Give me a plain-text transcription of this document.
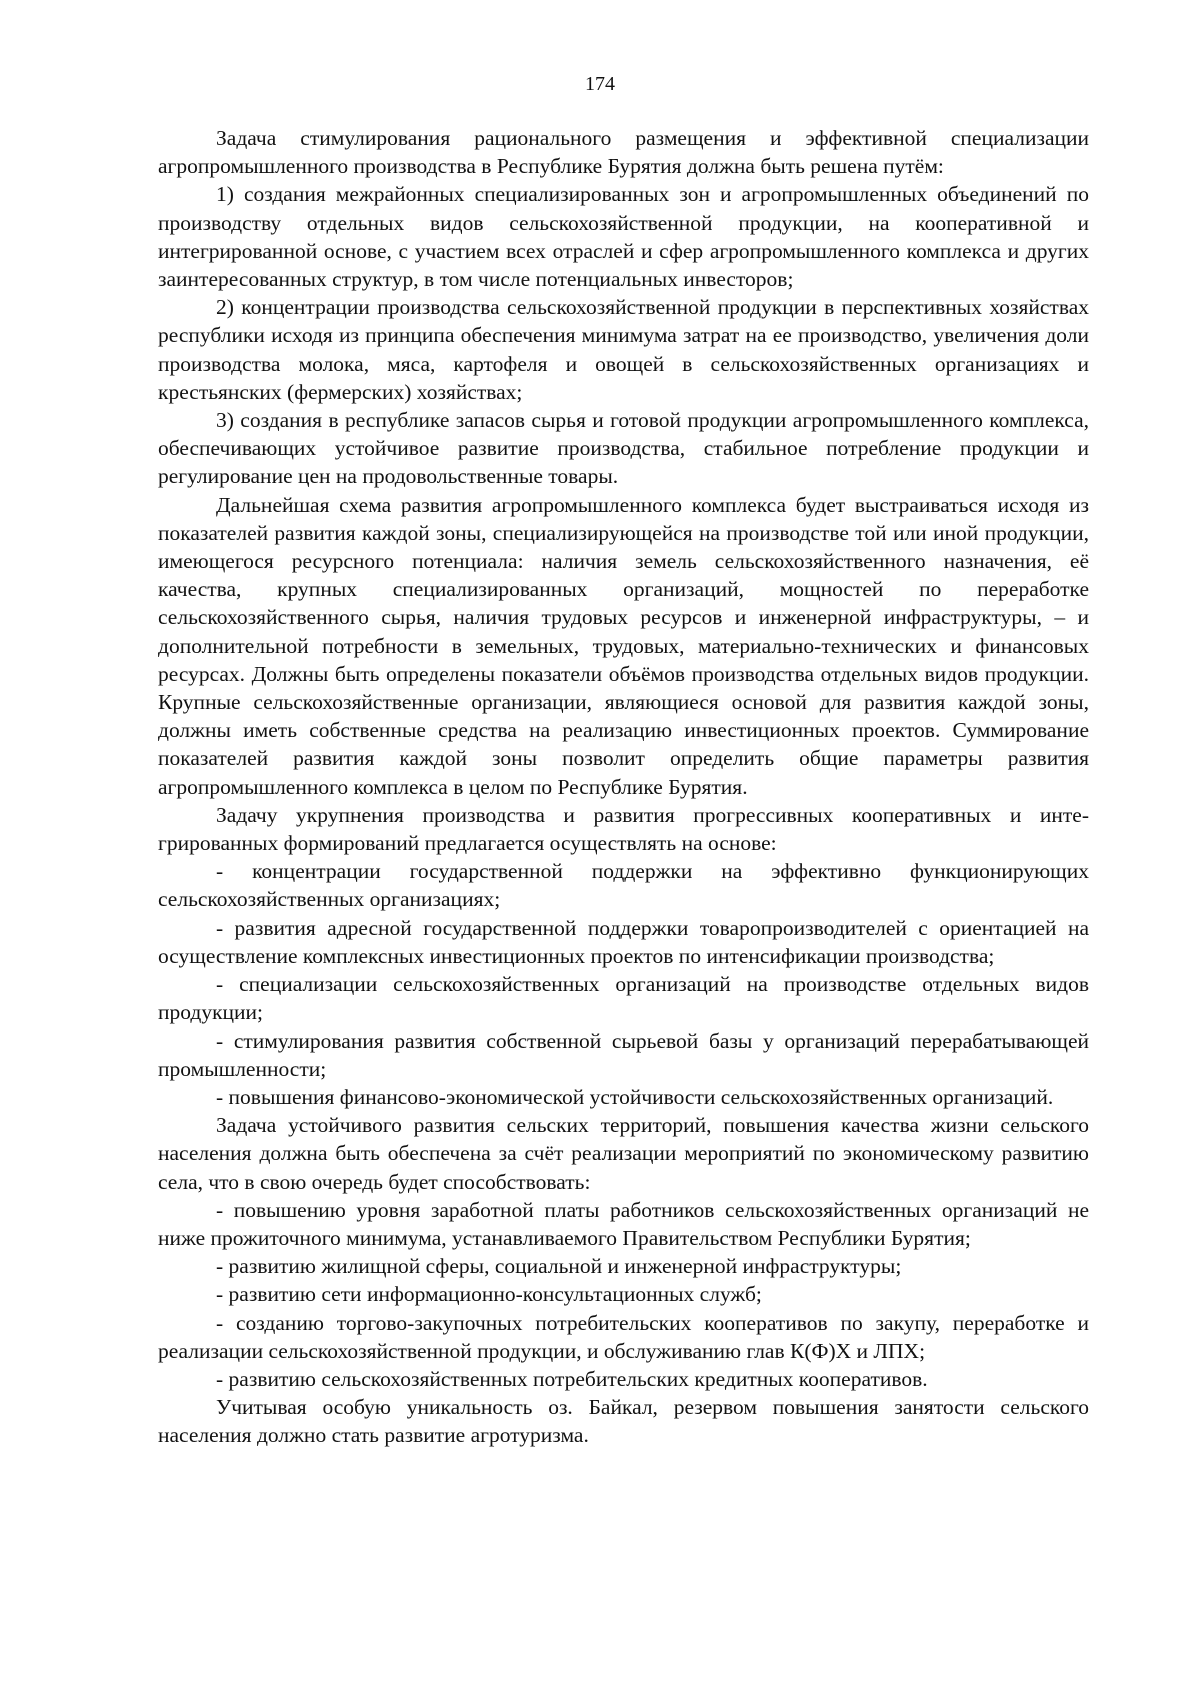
174

Задача стимулирования рационального размещения и эффективной специализации агропромышленного производства в Республике Бурятия должна быть решена путём:

1) создания межрайонных специализированных зон и агропромышленных объединений по производству отдельных видов сельскохозяйственной продукции, на кооперативной и интегрированной основе, с участием всех отраслей и сфер агропромышленного комплекса и других заинтересованных структур, в том числе потенциальных инвесторов;

2) концентрации производства сельскохозяйственной продукции в перспективных хозяйствах республики исходя из принципа обеспечения минимума затрат на ее производство, увеличения доли производства молока, мяса, картофеля и овощей в сельскохозяйственных организациях и крестьянских (фермерских) хозяйствах;

3) создания в республике запасов сырья и готовой продукции агропромышленного комплекса, обеспечивающих устойчивое развитие производства, стабильное потребление продукции и регулирование цен на продовольственные товары.

Дальнейшая схема развития агропромышленного комплекса будет выстраиваться исходя из показателей развития каждой зоны, специализирующейся на производстве той или иной продукции, имеющегося ресурсного потенциала: наличия земель сельскохозяйственного назначения, её качества, крупных специализированных организаций, мощностей по переработке сельскохозяйственного сырья, наличия трудовых ресурсов и инженерной инфраструктуры, – и дополнительной потребности в земельных, трудовых, материально-технических и финансовых ресурсах. Должны быть определены показатели объёмов производства отдельных видов продукции. Крупные сельскохозяйственные организации, являющиеся основой для развития каждой зоны, должны иметь собственные средства на реализацию инвестиционных проектов. Суммирование показателей развития каждой зоны позволит определить общие параметры развития агропромышленного комплекса в целом по Республике Бурятия.

Задачу укрупнения производства и развития прогрессивных кооперативных и интегрированных формирований предлагается осуществлять на основе:

- концентрации государственной поддержки на эффективно функционирующих сельскохозяйственных организациях;

- развития адресной государственной поддержки товаропроизводителей с ориентацией на осуществление комплексных инвестиционных проектов по интенсификации производства;

- специализации сельскохозяйственных организаций на производстве отдельных видов продукции;

- стимулирования развития собственной сырьевой базы у организаций перерабатывающей промышленности;

- повышения финансово-экономической устойчивости сельскохозяйственных организаций.

Задача устойчивого развития сельских территорий, повышения качества жизни сельского населения должна быть обеспечена за счёт реализации мероприятий по экономическому развитию села, что в свою очередь будет способствовать:

- повышению уровня заработной платы работников сельскохозяйственных организаций не ниже прожиточного минимума, устанавливаемого Правительством Республики Бурятия;

- развитию жилищной сферы, социальной и инженерной инфраструктуры;

- развитию сети информационно-консультационных служб;

- созданию торгово-закупочных потребительских кооперативов по закупу, переработке и реализации сельскохозяйственной продукции, и обслуживанию глав К(Ф)Х и ЛПХ;

- развитию сельскохозяйственных потребительских кредитных кооперативов.

Учитывая особую уникальность оз. Байкал, резервом повышения занятости сельского населения должно стать развитие агротуризма.
